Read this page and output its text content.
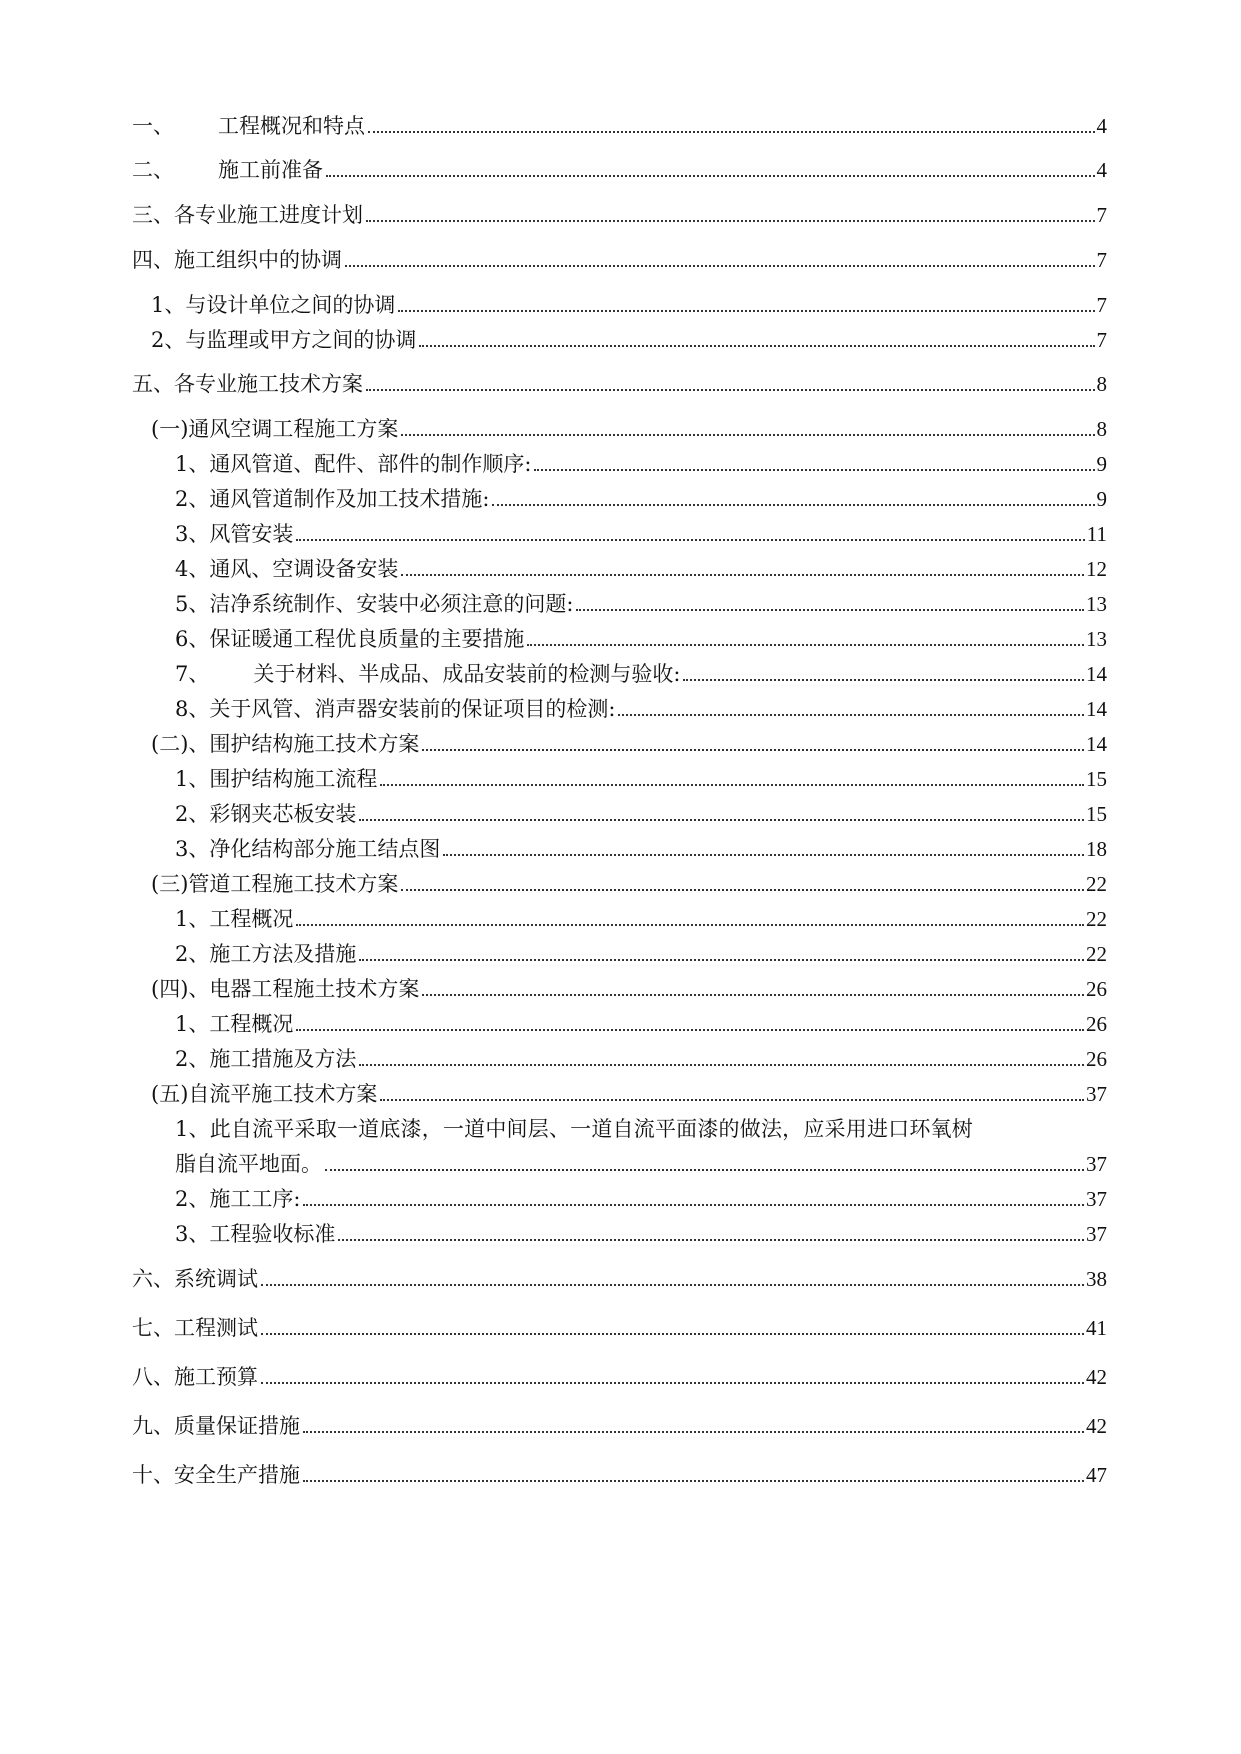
一、 工程概况和特点	4
二、 施工前准备	4
三、各专业施工进度计划	7
四、施工组织中的协调	7
1、与设计单位之间的协调	7
2、与监理或甲方之间的协调	7
五、各专业施工技术方案	8
(一)通风空调工程施工方案	8
1、通风管道、配件、部件的制作顺序:	9
2、通风管道制作及加工技术措施:	9
3、风管安装	11
4、通风、空调设备安装	12
5、洁净系统制作、安装中必须注意的问题:	13
6、保证暖通工程优良质量的主要措施	13
7、 关于材料、半成品、成品安装前的检测与验收:	14
8、关于风管、消声器安装前的保证项目的检测:	14
(二)、围护结构施工技术方案	14
1、围护结构施工流程	15
2、彩钢夹芯板安装	15
3、净化结构部分施工结点图	18
(三)管道工程施工技术方案	22
1、工程概况	22
2、施工方法及措施	22
(四)、电器工程施土技术方案	26
1、工程概况	26
2、施工措施及方法	26
(五)自流平施工技术方案	37
1、此自流平采取一道底漆，一道中间层、一道自流平面漆的做法，应采用进口环氧树
脂自流平地面。	37
2、施工工序:	37
3、工程验收标准	37
六、系统调试	38
七、工程测试	41
八、施工预算	42
九、质量保证措施	42
十、安全生产措施	47
